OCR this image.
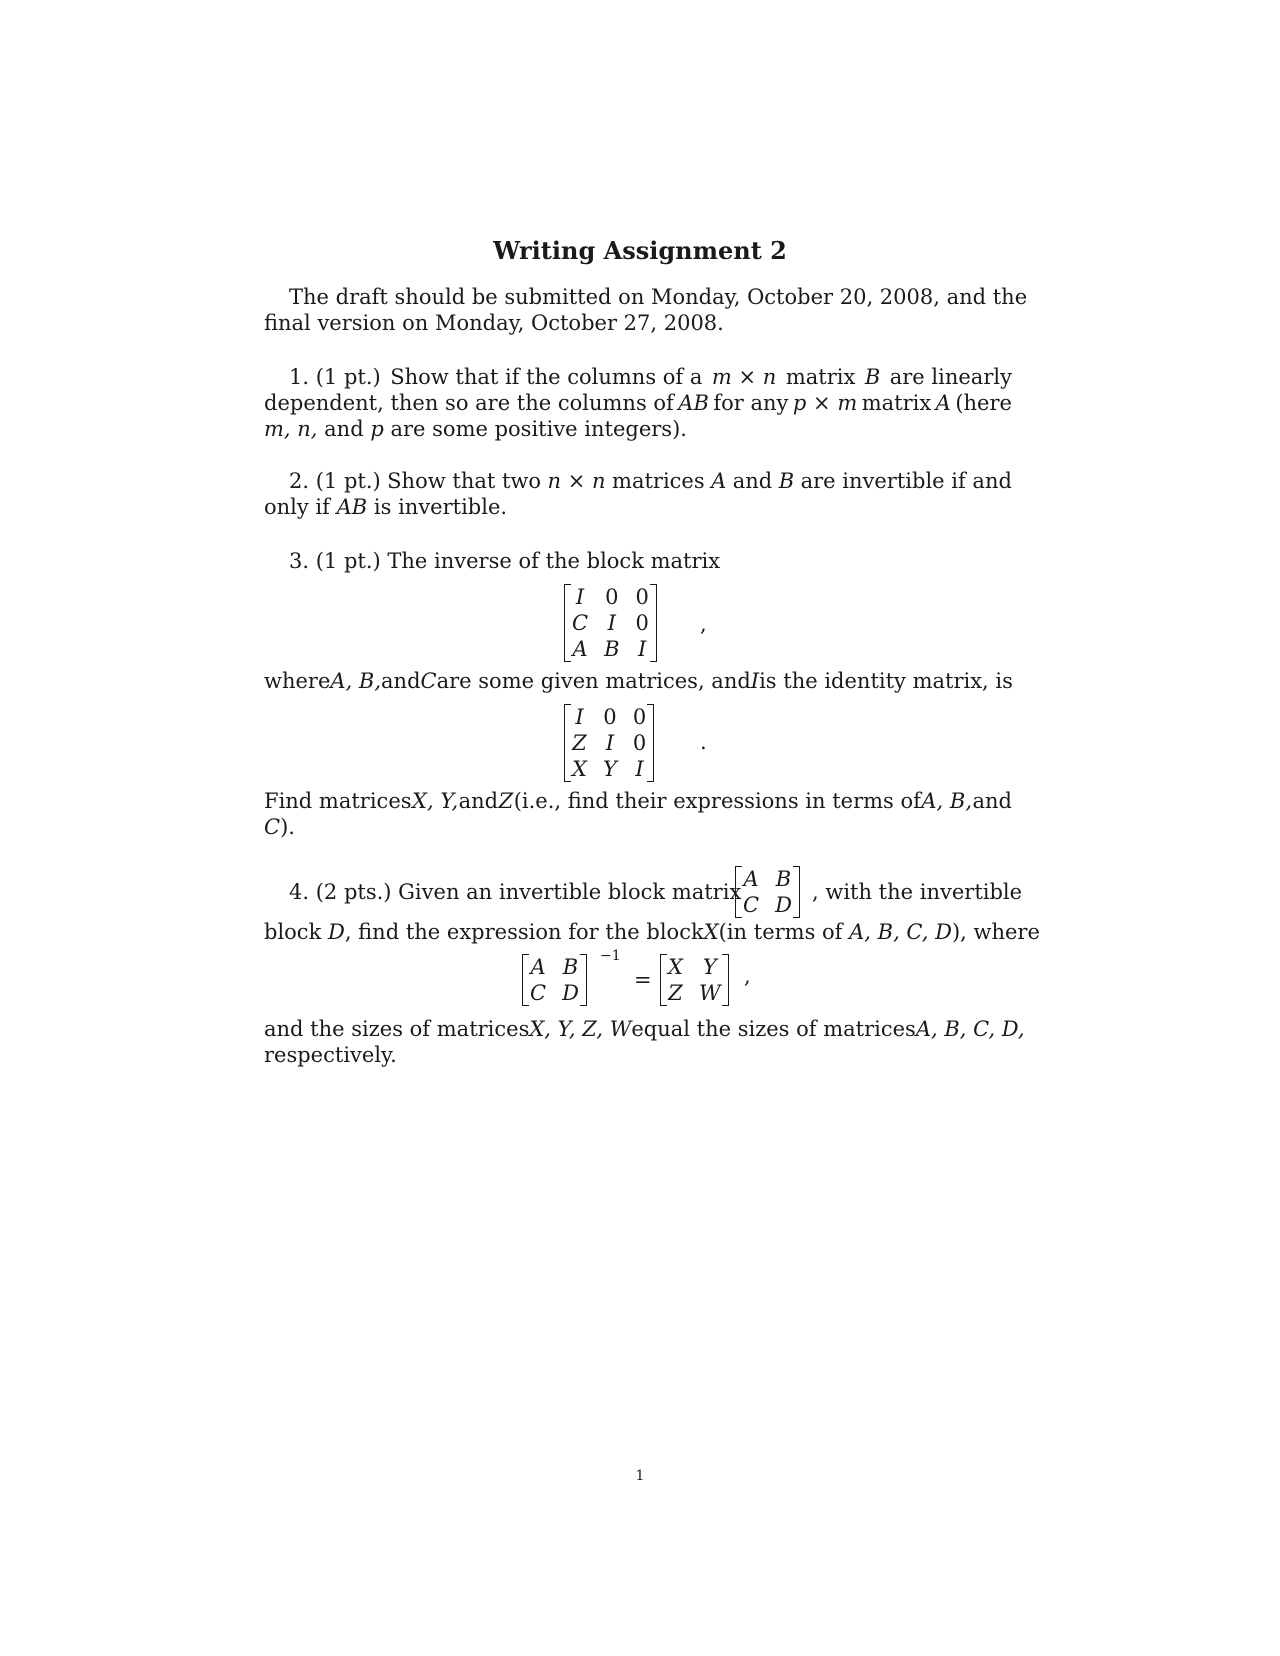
Writing Assignment 2
The draft should be submitted on Monday, October 20, 2008, and the
final version on Monday, October 27, 2008.
1. (1 pt.) Show that if the columns of a m × n matrix B are linearly
dependent, then so are the columns of AB for any p × m matrix A (here
m, n, and p are some positive integers).
2. (1 pt.) Show that two n × n matrices A and B are invertible if and
only if AB is invertible.
3. (1 pt.) The inverse of the block matrix
I	0	0
C	I	0
A	B	I
,
where A, B, and C are some given matrices, and I is the identity matrix, is
I	0	0
Z	I	0
X	Y	I
.
Find matrices X, Y, and Z (i.e., find their expressions in terms of A, B, and
C).
4. (2 pts.) Given an invertible block matrix
A	B
C	D
, with the invertible
block D, find the expression for the block X (in terms of A, B, C, D), where
A	B
C	D
−1
=
X	Y
Z	W
,
and the sizes of matrices X, Y, Z, W equal the sizes of matrices A, B, C, D,
respectively.
1
